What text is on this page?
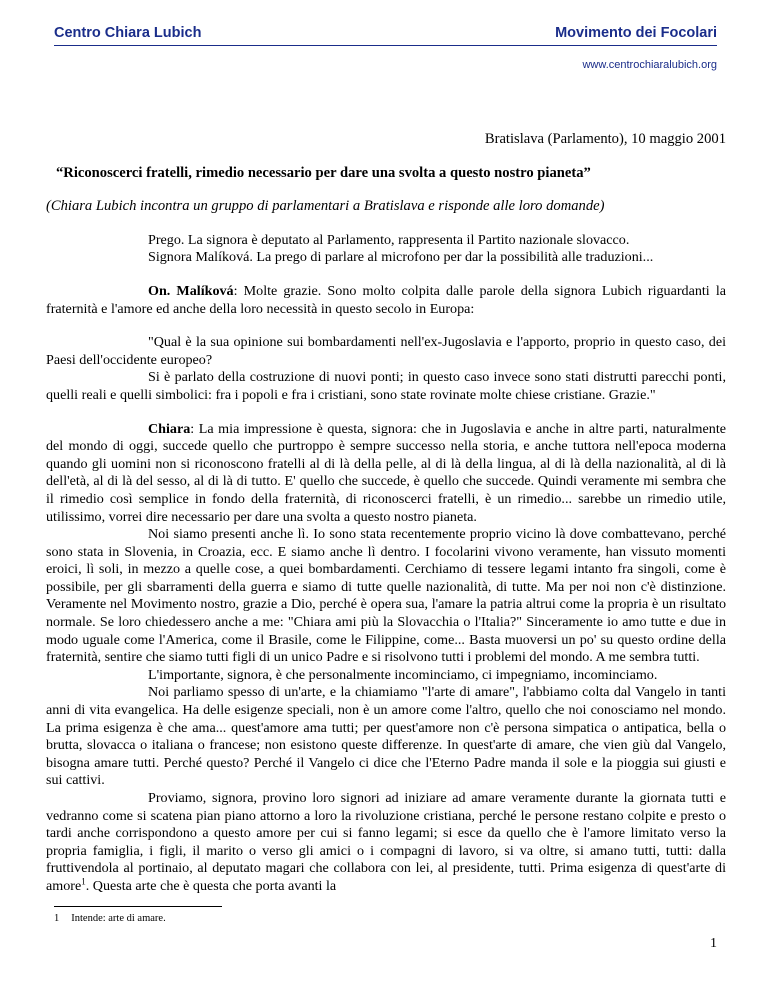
Centro Chiara Lubich	Movimento dei Focolari
www.centrochiaralubich.org

Bratislava (Parlamento), 10 maggio 2001

“Riconoscerci fratelli, rimedio necessario per dare una svolta a questo nostro pianeta”
(Chiara Lubich incontra un gruppo di parlamentari a Bratislava e risponde alle loro domande)
Prego. La signora è deputato al Parlamento, rappresenta il Partito nazionale slovacco.
Signora Malíková. La prego di parlare al microfono per dar la possibilità alle traduzioni...

On. Malíková: Molte grazie. Sono molto colpita dalle parole della signora Lubich riguardanti la fraternità e l'amore ed anche della loro necessità in questo secolo in Europa:

"Qual è la sua opinione sui bombardamenti nell'ex-Jugoslavia e l'apporto, proprio in questo caso, dei Paesi dell'occidente europeo?

Si è parlato della costruzione di nuovi ponti; in questo caso invece sono stati distrutti parecchi ponti, quelli reali e quelli simbolici: fra i popoli e fra i cristiani, sono state rovinate molte chiese cristiane. Grazie."

Chiara: La mia impressione è questa, signora: che in Jugoslavia e anche in altre parti, naturalmente del mondo di oggi, succede quello che purtroppo è sempre successo nella storia, e anche tuttora nell'epoca moderna quando gli uomini non si riconoscono fratelli al di là della pelle, al di là della lingua, al di là della nazionalità, al di là dell'età, al di là del sesso, al di là di tutto. E' quello che succede, è quello che succede. Quindi veramente mi sembra che il rimedio così semplice in fondo della fraternità, di riconoscerci fratelli, è un rimedio... sarebbe un rimedio utile, utilissimo, vorrei dire necessario per dare una svolta a questo nostro pianeta.

Noi siamo presenti anche lì. Io sono stata recentemente proprio vicino là dove combattevano, perché sono stata in Slovenia, in Croazia, ecc. E siamo anche lì dentro. I focolarini vivono veramente, han vissuto momenti eroici, lì soli, in mezzo a quelle cose, a quei bombardamenti. Cerchiamo di tessere legami intanto fra singoli, come è possibile, per gli sbarramenti della guerra e siamo di tutte quelle nazionalità, di tutte. Ma per noi non c'è distinzione. Veramente nel Movimento nostro, grazie a Dio, perché è opera sua, l'amare la patria altrui come la propria è un risultato normale. Se loro chiedessero anche a me: "Chiara ami più la Slovacchia o l'Italia?" Sinceramente io amo tutte e due in modo uguale come l'America, come il Brasile, come le Filippine, come... Basta muoversi un po' su questo ordine della fraternità, sentire che siamo tutti figli di un unico Padre e si risolvono tutti i problemi del mondo. A me sembra tutti.

L'importante, signora, è che personalmente incominciamo, ci impegniamo, incominciamo.

Noi parliamo spesso di un'arte, e la chiamiamo "l'arte di amare", l'abbiamo colta dal Vangelo in tanti anni di vita evangelica. Ha delle esigenze speciali, non è un amore come l'altro, quello che noi conosciamo nel mondo. La prima esigenza è che ama... quest'amore ama tutti; per quest'amore non c'è persona simpatica o antipatica, bella o brutta, slovacca o italiana o francese; non esistono queste differenze. In quest'arte di amare, che vien giù dal Vangelo, bisogna amare tutti. Perché questo? Perché il Vangelo ci dice che l'Eterno Padre manda il sole e la pioggia sui giusti e sui cattivi.

Proviamo, signora, provino loro signori ad iniziare ad amare veramente durante la giornata tutti e vedranno come si scatena pian piano attorno a loro la rivoluzione cristiana, perché le persone restano colpite e presto o tardi anche corrispondono a questo amore per cui si fanno legami; si esce da quello che è l'amore limitato verso la propria famiglia, i figli, il marito o verso gli amici o i compagni di lavoro, si va oltre, si amano tutti, tutti: dalla fruttivendola al portinaio, al deputato magari che collabora con lei, al presidente, tutti. Prima esigenza di quest'arte di amore$^1$. Questa arte che è questa che porta avanti la

1 Intende: arte di amare.
1
